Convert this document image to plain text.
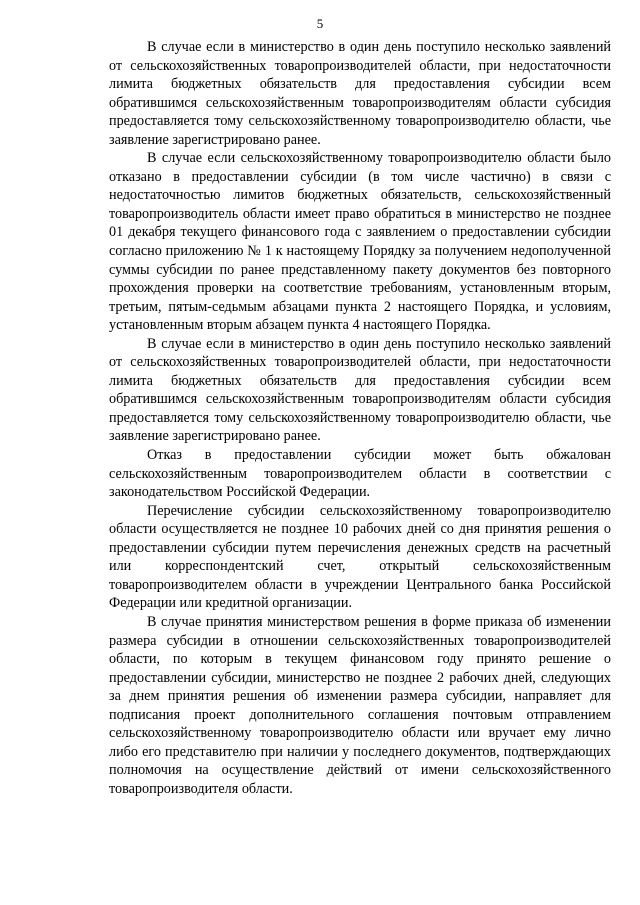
5

В случае если в министерство в один день поступило несколько заявлений от сельскохозяйственных товаропроизводителей области, при недостаточности лимита бюджетных обязательств для предоставления субсидии всем обратившимся сельскохозяйственным товаропроизводителям области субсидия предоставляется тому сельскохозяйственному товаропроизводителю области, чье заявление зарегистрировано ранее.

В случае если сельскохозяйственному товаропроизводителю области было отказано в предоставлении субсидии (в том числе частично) в связи с недостаточностью лимитов бюджетных обязательств, сельскохозяйственный товаропроизводитель области имеет право обратиться в министерство не позднее 01 декабря текущего финансового года с заявлением о предоставлении субсидии согласно приложению № 1 к настоящему Порядку за получением недополученной суммы субсидии по ранее представленному пакету документов без повторного прохождения проверки на соответствие требованиям, установленным вторым, третьим, пятым-седьмым абзацами пункта 2 настоящего Порядка, и условиям, установленным вторым абзацем пункта 4 настоящего Порядка.

В случае если в министерство в один день поступило несколько заявлений от сельскохозяйственных товаропроизводителей области, при недостаточности лимита бюджетных обязательств для предоставления субсидии всем обратившимся сельскохозяйственным товаропроизводителям области субсидия предоставляется тому сельскохозяйственному товаропроизводителю области, чье заявление зарегистрировано ранее.

Отказ в предоставлении субсидии может быть обжалован сельскохозяйственным товаропроизводителем области в соответствии с законодательством Российской Федерации.

Перечисление субсидии сельскохозяйственному товаропроизводителю области осуществляется не позднее 10 рабочих дней со дня принятия решения о предоставлении субсидии путем перечисления денежных средств на расчетный или корреспондентский счет, открытый сельскохозяйственным товаропроизводителем области в учреждении Центрального банка Российской Федерации или кредитной организации.

В случае принятия министерством решения в форме приказа об изменении размера субсидии в отношении сельскохозяйственных товаропроизводителей области, по которым в текущем финансовом году принято решение о предоставлении субсидии, министерство не позднее 2 рабочих дней, следующих за днем принятия решения об изменении размера субсидии, направляет для подписания проект дополнительного соглашения почтовым отправлением сельскохозяйственному товаропроизводителю области или вручает ему лично либо его представителю при наличии у последнего документов, подтверждающих полномочия на осуществление действий от имени сельскохозяйственного товаропроизводителя области.
